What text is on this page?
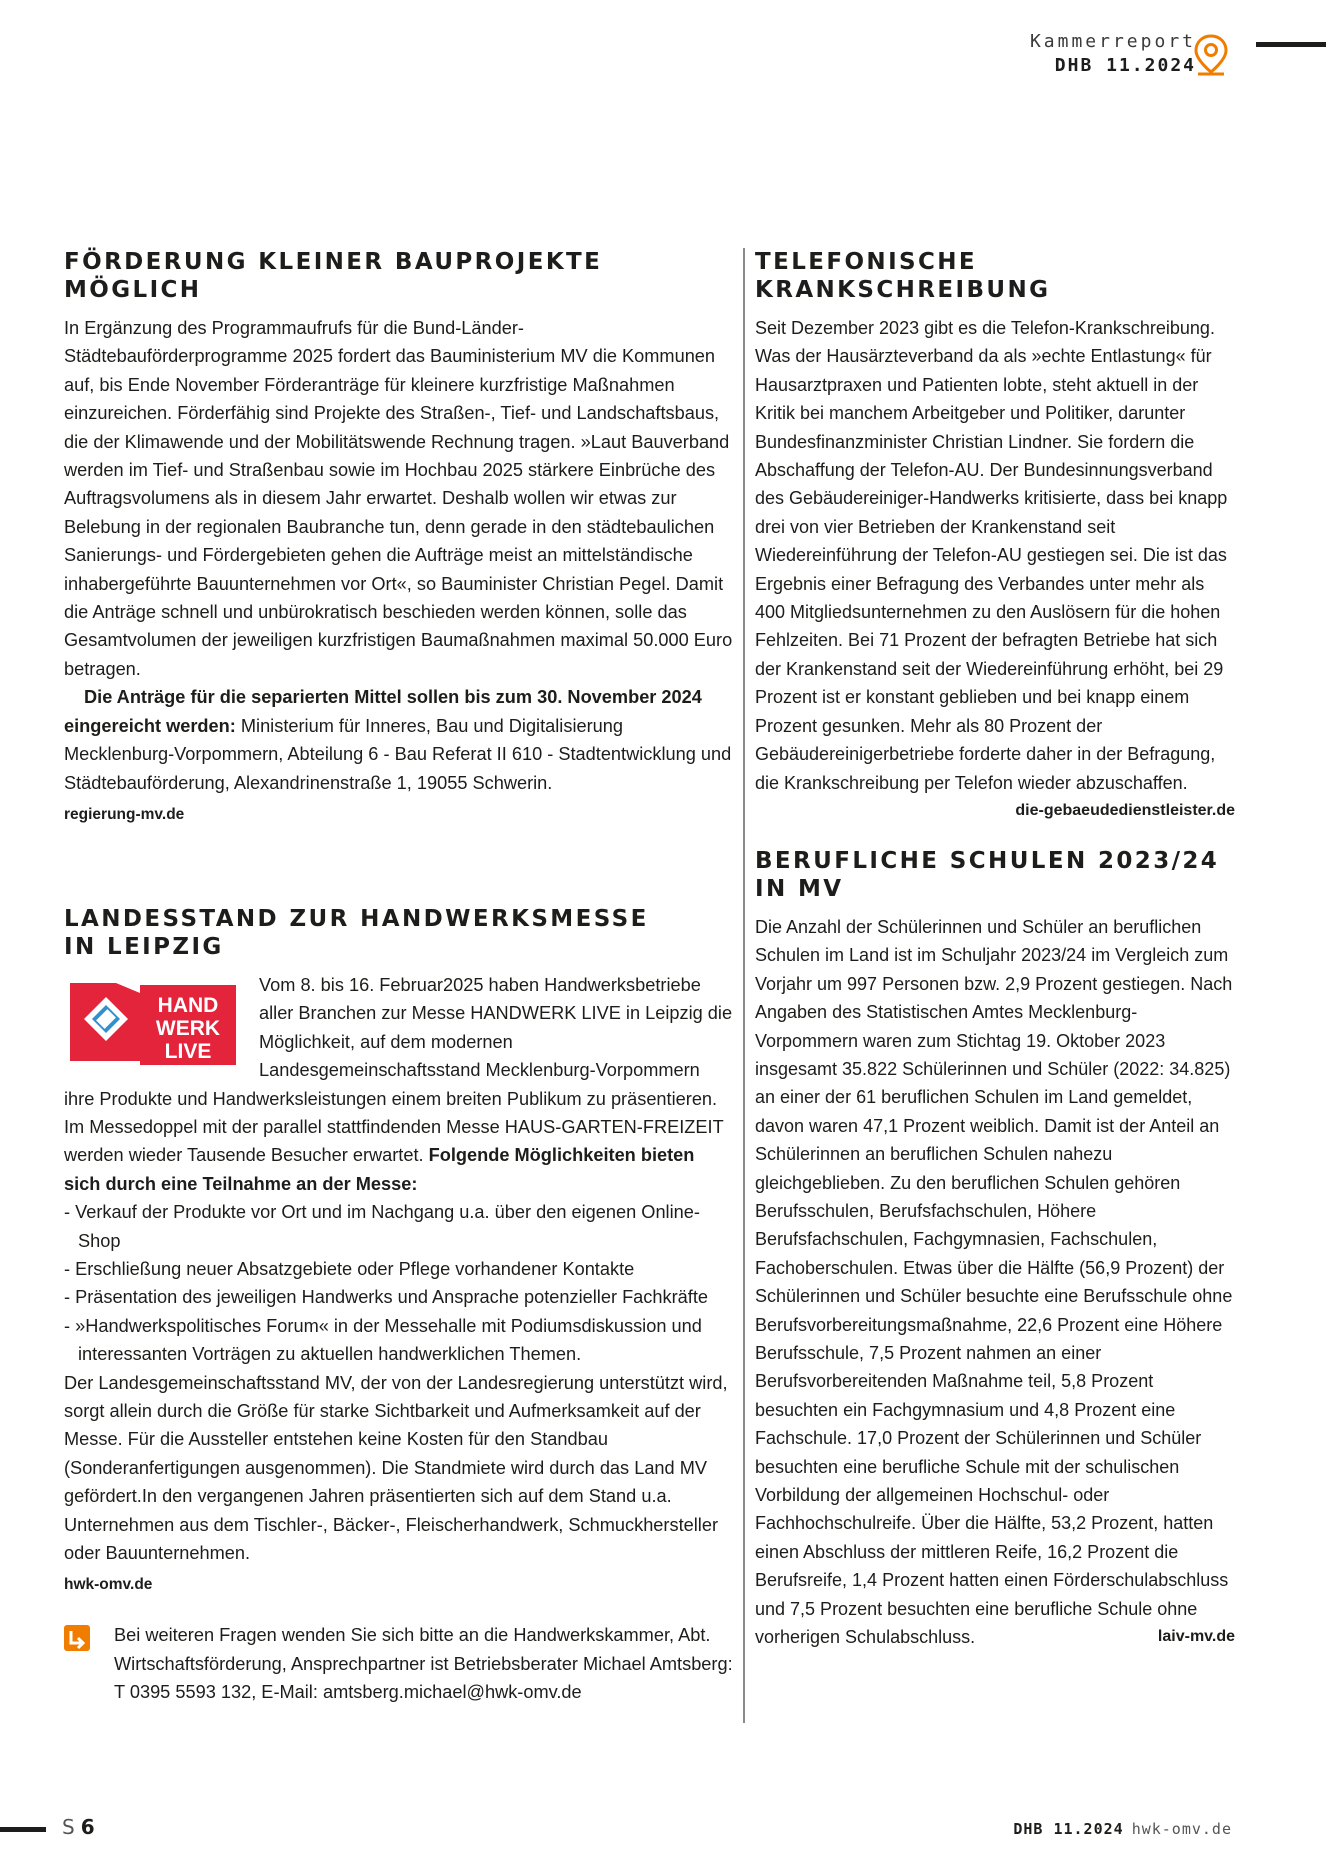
Kammerreport
DHB 11.2024
FÖRDERUNG KLEINER BAUPROJEKTE MÖGLICH

In Ergänzung des Programmaufrufs für die Bund-Länder-Städtebauförderprogramme 2025 fordert das Bauministerium MV die Kommunen auf, bis Ende November Förderanträge für kleinere kurzfristige Maßnahmen einzureichen. Förderfähig sind Projekte des Straßen-, Tief- und Landschaftsbaus, die der Klimawende und der Mobilitätswende Rechnung tragen. »Laut Bauverband werden im Tief- und Straßenbau sowie im Hochbau 2025 stärkere Einbrüche des Auftragsvolumens als in diesem Jahr erwartet. Deshalb wollen wir etwas zur Belebung in der regionalen Baubranche tun, denn gerade in den städtebaulichen Sanierungs- und Fördergebieten gehen die Aufträge meist an mittelständische inhabergeführte Bauunternehmen vor Ort«, so Bauminister Christian Pegel. Damit die Anträge schnell und unbürokratisch beschieden werden können, solle das Gesamtvolumen der jeweiligen kurzfristigen Baumaßnahmen maximal 50.000 Euro betragen.

Die Anträge für die separierten Mittel sollen bis zum 30. November 2024 eingereicht werden: Ministerium für Inneres, Bau und Digitalisierung Mecklenburg-Vorpommern, Abteilung 6 - Bau Referat II 610 - Stadtentwicklung und Städtebauförderung, Alexandrinenstraße 1, 19055 Schwerin.

regierung-mv.de
LANDESSTAND ZUR HANDWERKSMESSE
IN LEIPZIG
HAND
WERK
LIVE

Vom 8. bis 16. Februar2025 haben Handwerksbetriebe aller Branchen zur Messe HANDWERK LIVE in Leipzig die Möglichkeit, auf dem modernen Landesgemeinschaftsstand Mecklenburg-Vorpommern ihre Produkte und Handwerksleistungen einem breiten Publikum zu präsentieren. Im Messedoppel mit der parallel stattfindenden Messe HAUS-GARTEN-FREIZEIT werden wieder Tausende Besucher erwartet. Folgende Möglichkeiten bieten sich durch eine Teilnahme an der Messe:

- Verkauf der Produkte vor Ort und im Nachgang u.a. über den eigenen Online-Shop
- Erschließung neuer Absatzgebiete oder Pflege vorhandener Kontakte
- Präsentation des jeweiligen Handwerks und Ansprache potenzieller Fachkräfte
- »Handwerkspolitisches Forum« in der Messehalle mit Podiumsdiskussion und interessanten Vorträgen zu aktuellen handwerklichen Themen.

Der Landesgemeinschaftsstand MV, der von der Landesregierung unterstützt wird, sorgt allein durch die Größe für starke Sichtbarkeit und Aufmerksamkeit auf der Messe. Für die Aussteller entstehen keine Kosten für den Standbau (Sonderanfertigungen ausgenommen). Die Standmiete wird durch das Land MV gefördert.In den vergangenen Jahren präsentierten sich auf dem Stand u.a. Unternehmen aus dem Tischler-, Bäcker-, Fleischerhandwerk, Schmuckhersteller oder Bauunternehmen.

hwk-omv.de

Bei weiteren Fragen wenden Sie sich bitte an die Handwerkskammer, Abt. Wirtschaftsförderung, Ansprechpartner ist Betriebsberater Michael Amtsberg: T 0395 5593 132, E-Mail: amtsberg.michael@hwk-omv.de

TELEFONISCHE
KRANKSCHREIBUNG

Seit Dezember 2023 gibt es die Telefon-Krankschreibung. Was der Hausärzteverband da als »echte Entlastung« für Hausarztpraxen und Patienten lobte, steht aktuell in der Kritik bei manchem Arbeitgeber und Politiker, darunter Bundesfinanzminister Christian Lindner. Sie fordern die Abschaffung der Telefon-AU. Der Bundesinnungsverband des Gebäudereiniger-Handwerks kritisierte, dass bei knapp drei von vier Betrieben der Krankenstand seit Wiedereinführung der Telefon-AU gestiegen sei. Die ist das Ergebnis einer Befragung des Verbandes unter mehr als 400 Mitgliedsunternehmen zu den Auslösern für die hohen Fehlzeiten. Bei 71 Prozent der befragten Betriebe hat sich der Krankenstand seit der Wiedereinführung erhöht, bei 29 Prozent ist er konstant geblieben und bei knapp einem Prozent gesunken. Mehr als 80 Prozent der Gebäudereinigerbetriebe forderte daher in der Befragung, die Krankschreibung per Telefon wieder abzuschaffen.
die-gebaeudedienstleister.de

BERUFLICHE SCHULEN 2023/24
IN MV

Die Anzahl der Schülerinnen und Schüler an beruflichen Schulen im Land ist im Schuljahr 2023/24 im Vergleich zum Vorjahr um 997 Personen bzw. 2,9 Prozent gestiegen. Nach Angaben des Statistischen Amtes Mecklenburg-Vorpommern waren zum Stichtag 19. Oktober 2023 insgesamt 35.822 Schülerinnen und Schüler (2022: 34.825) an einer der 61 beruflichen Schulen im Land gemeldet, davon waren 47,1 Prozent weiblich. Damit ist der Anteil an Schülerinnen an beruflichen Schulen nahezu gleichgeblieben. Zu den beruflichen Schulen gehören Berufsschulen, Berufsfachschulen, Höhere Berufsfachschulen, Fachgymnasien, Fachschulen, Fachoberschulen. Etwas über die Hälfte (56,9 Prozent) der Schülerinnen und Schüler besuchte eine Berufsschule ohne Berufsvorbereitungsmaßnahme, 22,6 Prozent eine Höhere Berufsschule, 7,5 Prozent nahmen an einer Berufsvorbereitenden Maßnahme teil, 5,8 Prozent besuchten ein Fachgymnasium und 4,8 Prozent eine Fachschule. 17,0 Prozent der Schülerinnen und Schüler besuchten eine berufliche Schule mit der schulischen Vorbildung der allgemeinen Hochschul- oder Fachhochschulreife. Über die Hälfte, 53,2 Prozent, hatten einen Abschluss der mittleren Reife, 16,2 Prozent die Berufsreife, 1,4 Prozent hatten einen Förderschulabschluss und 7,5 Prozent besuchten eine berufliche Schule ohne vorherigen Schulabschluss.	laiv-mv.de

S 6	DHB 11.2024 hwk-omv.de
